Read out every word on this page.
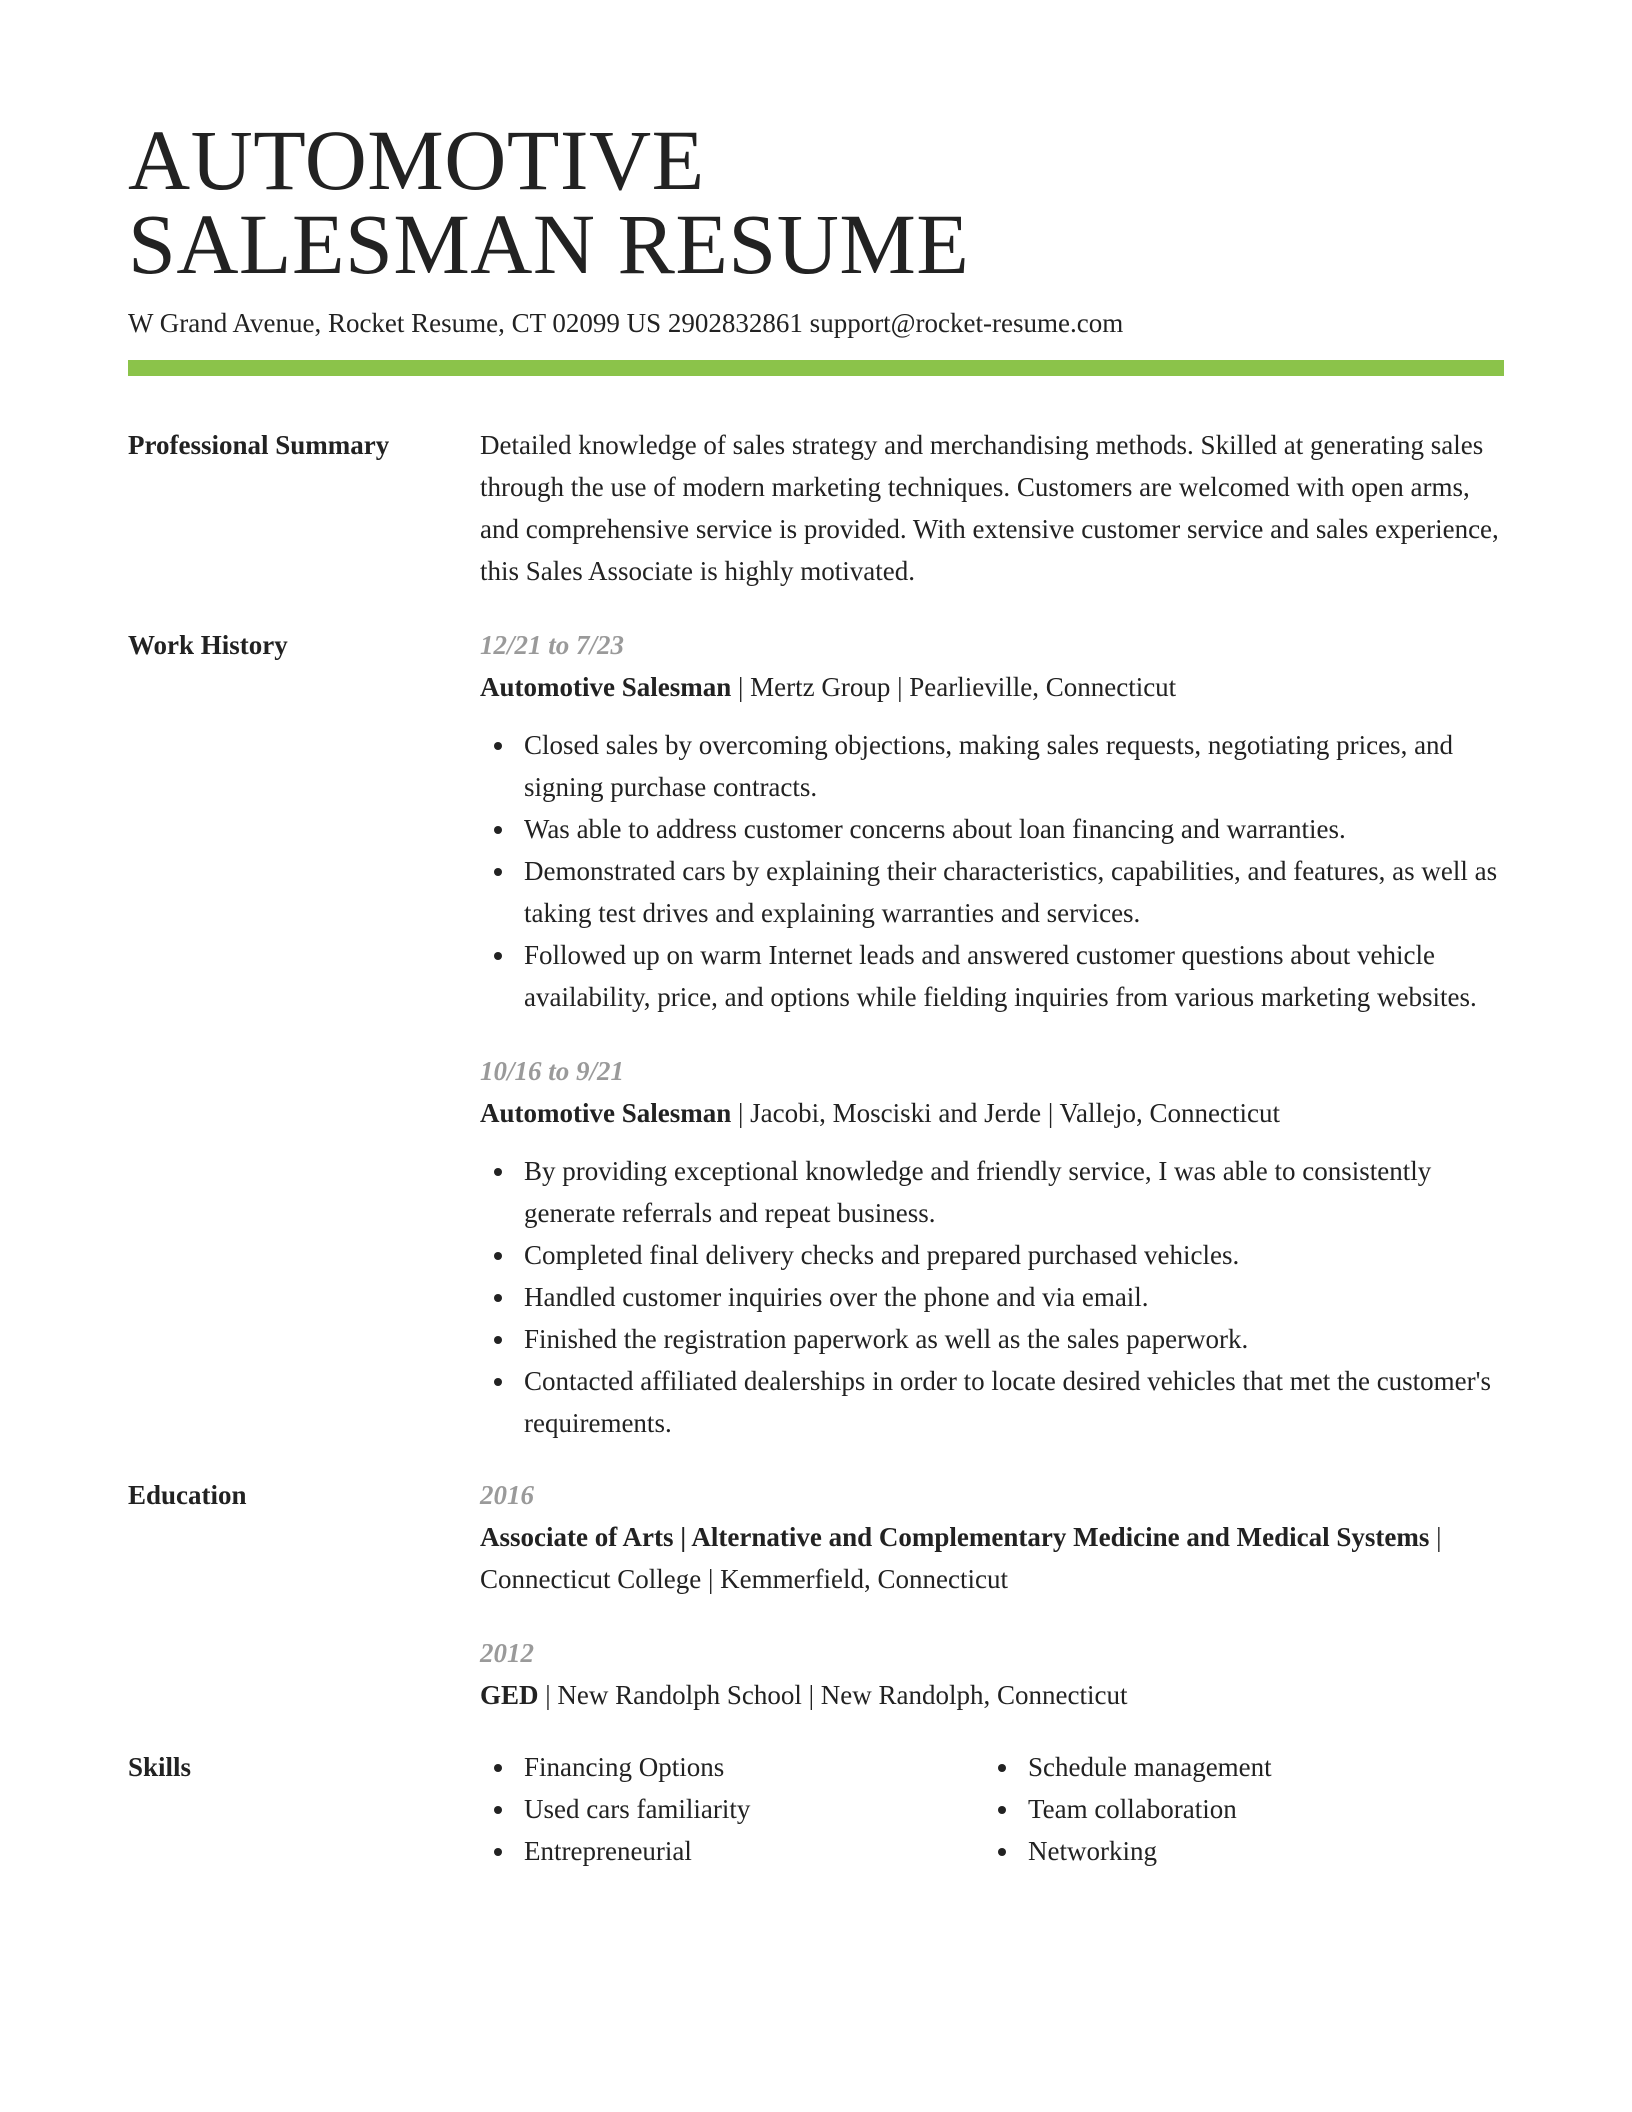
AUTOMOTIVE
SALESMAN RESUME
W Grand Avenue, Rocket Resume, CT 02099 US 2902832861 support@rocket-resume.com
Professional Summary	Detailed knowledge of sales strategy and merchandising methods. Skilled at generating sales through the use of modern marketing techniques. Customers are welcomed with open arms, and comprehensive service is provided. With extensive customer service and sales experience, this Sales Associate is highly motivated.
Work History	12/21 to 7/23
Automotive Salesman | Mertz Group | Pearlieville, Connecticut
Closed sales by overcoming objections, making sales requests, negotiating prices, and signing purchase contracts.
Was able to address customer concerns about loan financing and warranties.
Demonstrated cars by explaining their characteristics, capabilities, and features, as well as taking test drives and explaining warranties and services.
Followed up on warm Internet leads and answered customer questions about vehicle availability, price, and options while fielding inquiries from various marketing websites.
10/16 to 9/21
Automotive Salesman | Jacobi, Mosciski and Jerde | Vallejo, Connecticut
By providing exceptional knowledge and friendly service, I was able to consistently generate referrals and repeat business.
Completed final delivery checks and prepared purchased vehicles.
Handled customer inquiries over the phone and via email.
Finished the registration paperwork as well as the sales paperwork.
Contacted affiliated dealerships in order to locate desired vehicles that met the customer's requirements.
Education	2016
Associate of Arts | Alternative and Complementary Medicine and Medical Systems | Connecticut College | Kemmerfield, Connecticut
2012
GED | New Randolph School | New Randolph, Connecticut
Skills	Financing Options
Used cars familiarity
Entrepreneurial
Schedule management
Team collaboration
Networking
